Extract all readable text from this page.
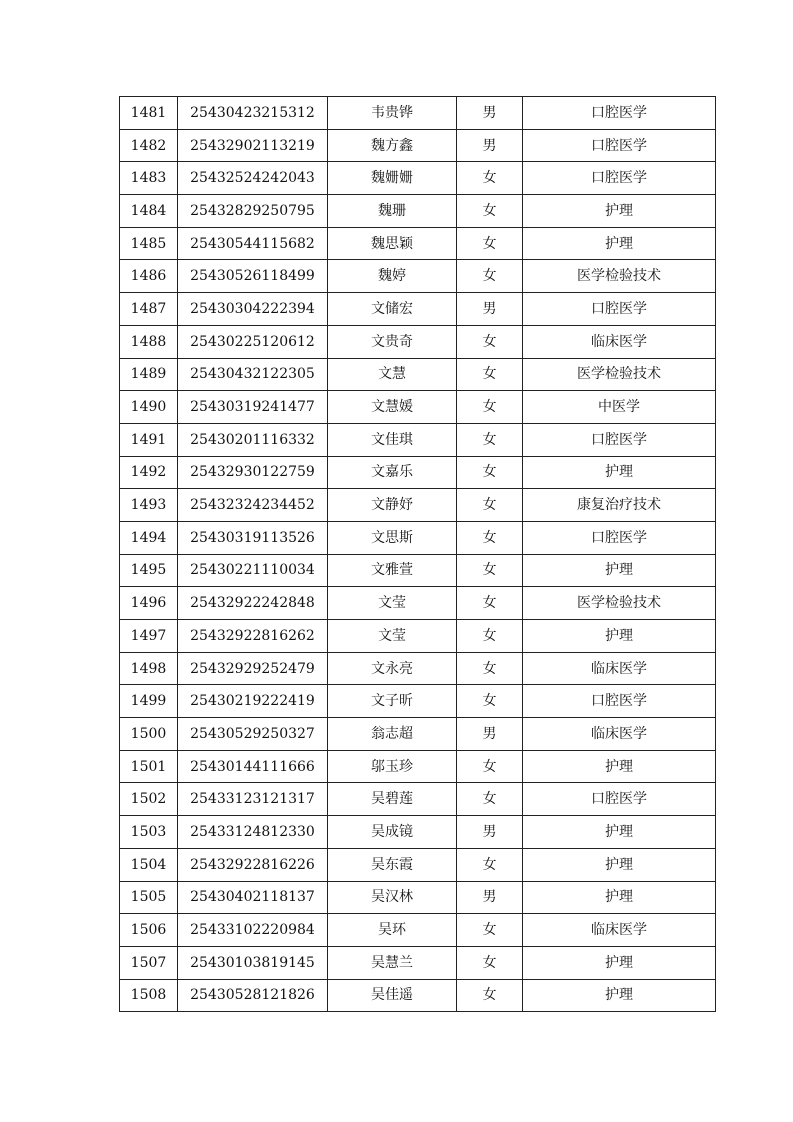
1481	25430423215312	韦贵铧	男	口腔医学
1482	25432902113219	魏方鑫	男	口腔医学
1483	25432524242043	魏姗姗	女	口腔医学
1484	25432829250795	魏珊	女	护理
1485	25430544115682	魏思颖	女	护理
1486	25430526118499	魏婷	女	医学检验技术
1487	25430304222394	文储宏	男	口腔医学
1488	25430225120612	文贵奇	女	临床医学
1489	25430432122305	文慧	女	医学检验技术
1490	25430319241477	文慧媛	女	中医学
1491	25430201116332	文佳琪	女	口腔医学
1492	25432930122759	文嘉乐	女	护理
1493	25432324234452	文静妤	女	康复治疗技术
1494	25430319113526	文思斯	女	口腔医学
1495	25430221110034	文雅萱	女	护理
1496	25432922242848	文莹	女	医学检验技术
1497	25432922816262	文莹	女	护理
1498	25432929252479	文永亮	女	临床医学
1499	25430219222419	文子昕	女	口腔医学
1500	25430529250327	翁志超	男	临床医学
1501	25430144111666	邬玉珍	女	护理
1502	25433123121317	吴碧莲	女	口腔医学
1503	25433124812330	吴成镜	男	护理
1504	25432922816226	吴东霞	女	护理
1505	25430402118137	吴汉林	男	护理
1506	25433102220984	吴环	女	临床医学
1507	25430103819145	吴慧兰	女	护理
1508	25430528121826	吴佳遥	女	护理
